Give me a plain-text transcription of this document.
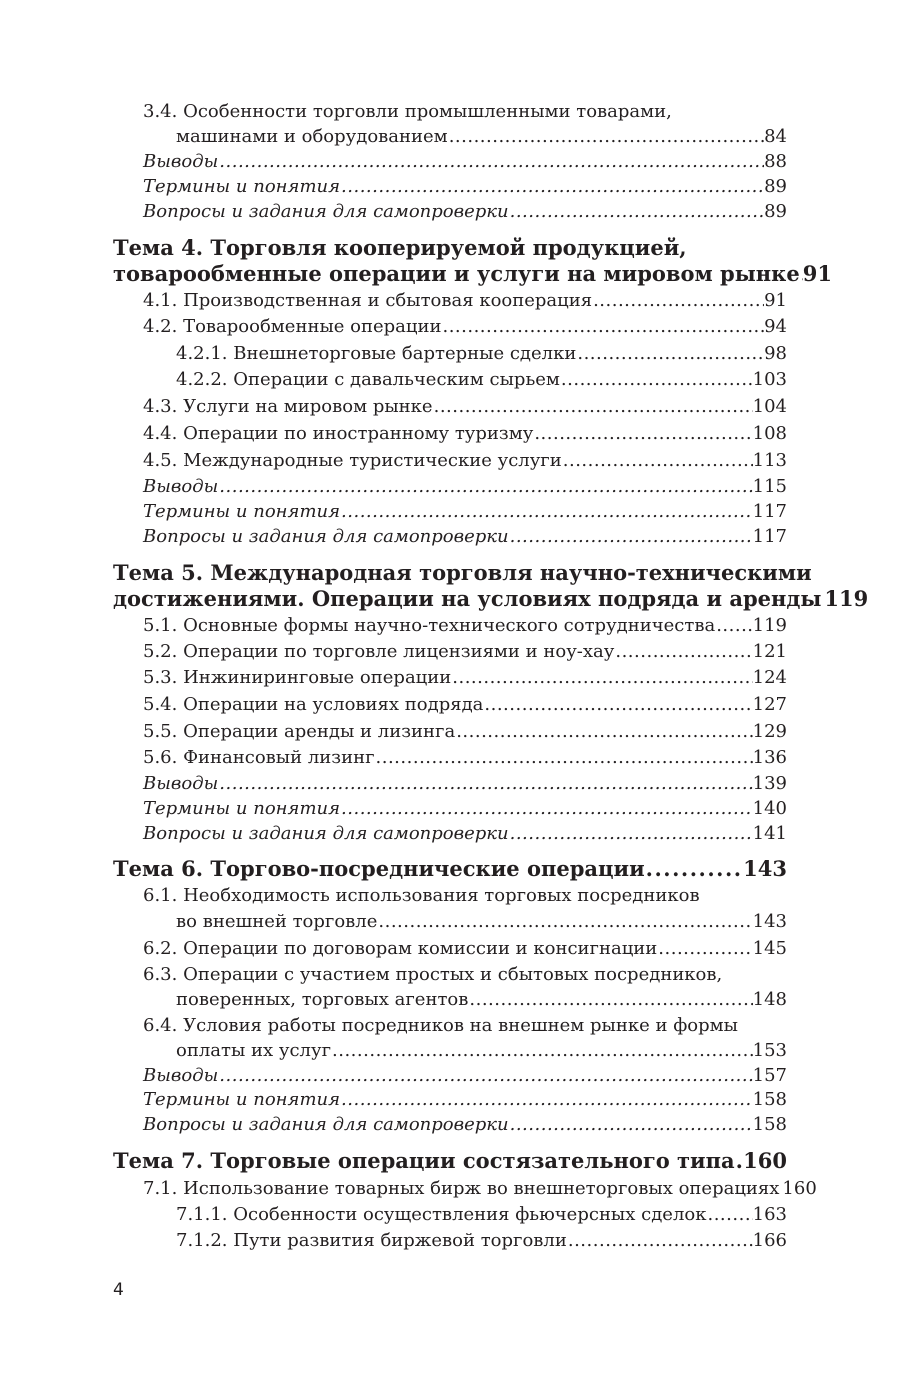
3.4. Особенности торговли промышленными товарами,
машинами и оборудованием .....	84
Выводы .....	88
Термины и понятия .....	89
Вопросы и задания для самопроверки .....	89
Тема 4. Торговля кооперируемой продукцией,
товарообменные операции и услуги на мировом рынке ..... 91
4.1. Производственная и сбытовая кооперация .....	91
4.2. Товарообменные операции .....	94
4.2.1. Внешнеторговые бартерные сделки .....	98
4.2.2. Операции с давальческим сырьем .....	103
4.3. Услуги на мировом рынке .....	104
4.4. Операции по иностранному туризму .....	108
4.5. Международные туристические услуги .....	113
Выводы .....	115
Термины и понятия .....	117
Вопросы и задания для самопроверки .....	117
Тема 5. Международная торговля научно-техническими
достижениями. Операции на условиях подряда и аренды ..... 119
5.1. Основные формы научно-технического сотрудничества ..... 119
5.2. Операции по торговле лицензиями и ноу-хау .....	121
5.3. Инжиниринговые операции .....	124
5.4. Операции на условиях подряда .....	127
5.5. Операции аренды и лизинга .....	129
5.6. Финансовый лизинг .....	136
Выводы .....	139
Термины и понятия .....	140
Вопросы и задания для самопроверки .....	141
Тема 6. Торгово-посреднические операции .....	143
6.1. Необходимость использования торговых посредников
во внешней торговле .....	143
6.2. Операции по договорам комиссии и консигнации .....	145
6.3. Операции с участием простых и сбытовых посредников,
поверенных, торговых агентов .....	148
6.4. Условия работы посредников на внешнем рынке и формы
оплаты их услуг .....	153
Выводы .....	157
Термины и понятия .....	158
Вопросы и задания для самопроверки .....	158
Тема 7. Торговые операции состязательного типа ..... 160
7.1. Использование товарных бирж во внешнеторговых операциях ..... 160
7.1.1. Особенности осуществления фьючерсных сделок .....	163
7.1.2. Пути развития биржевой торговли .....	166
4
